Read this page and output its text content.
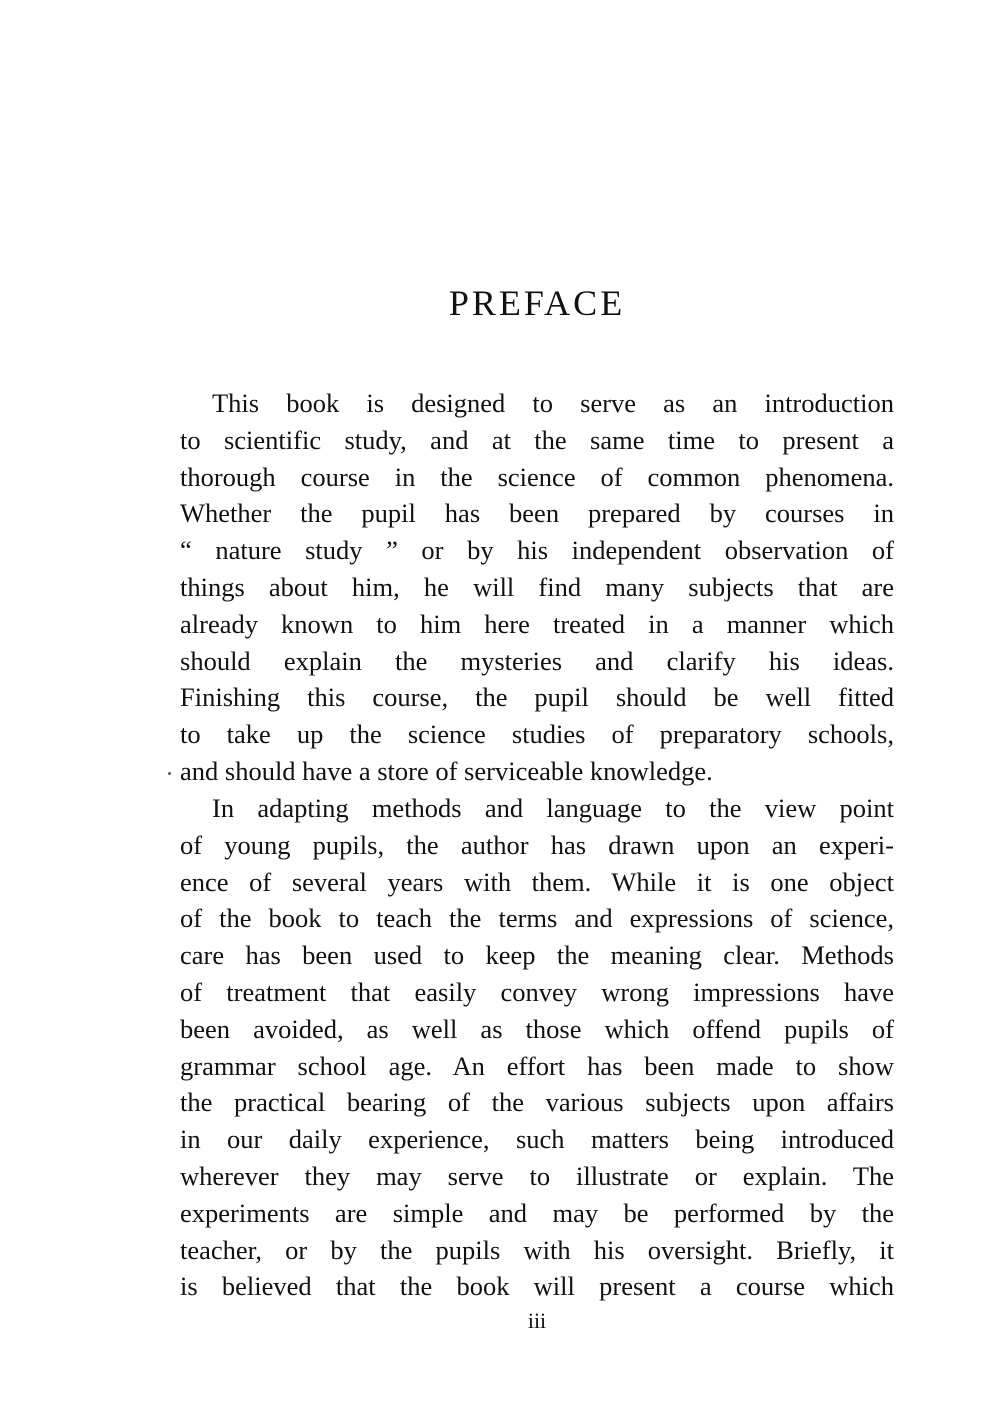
PREFACE
This book is designed to serve as an introduction
to scientific study, and at the same time to present a
thorough course in the science of common phenomena.
Whether the pupil has been prepared by courses in
“ nature study ” or by his independent observation of
things about him, he will find many subjects that are
already known to him here treated in a manner which
should explain the mysteries and clarify his ideas.
Finishing this course, the pupil should be well fitted
to take up the science studies of preparatory schools,
and should have a store of serviceable knowledge.
In adapting methods and language to the view point
of young pupils, the author has drawn upon an experi-
ence of several years with them. While it is one object
of the book to teach the terms and expressions of science,
care has been used to keep the meaning clear. Methods
of treatment that easily convey wrong impressions have
been avoided, as well as those which offend pupils of
grammar school age. An effort has been made to show
the practical bearing of the various subjects upon affairs
in our daily experience, such matters being introduced
wherever they may serve to illustrate or explain. The
experiments are simple and may be performed by the
teacher, or by the pupils with his oversight. Briefly, it
is believed that the book will present a course which
iii
